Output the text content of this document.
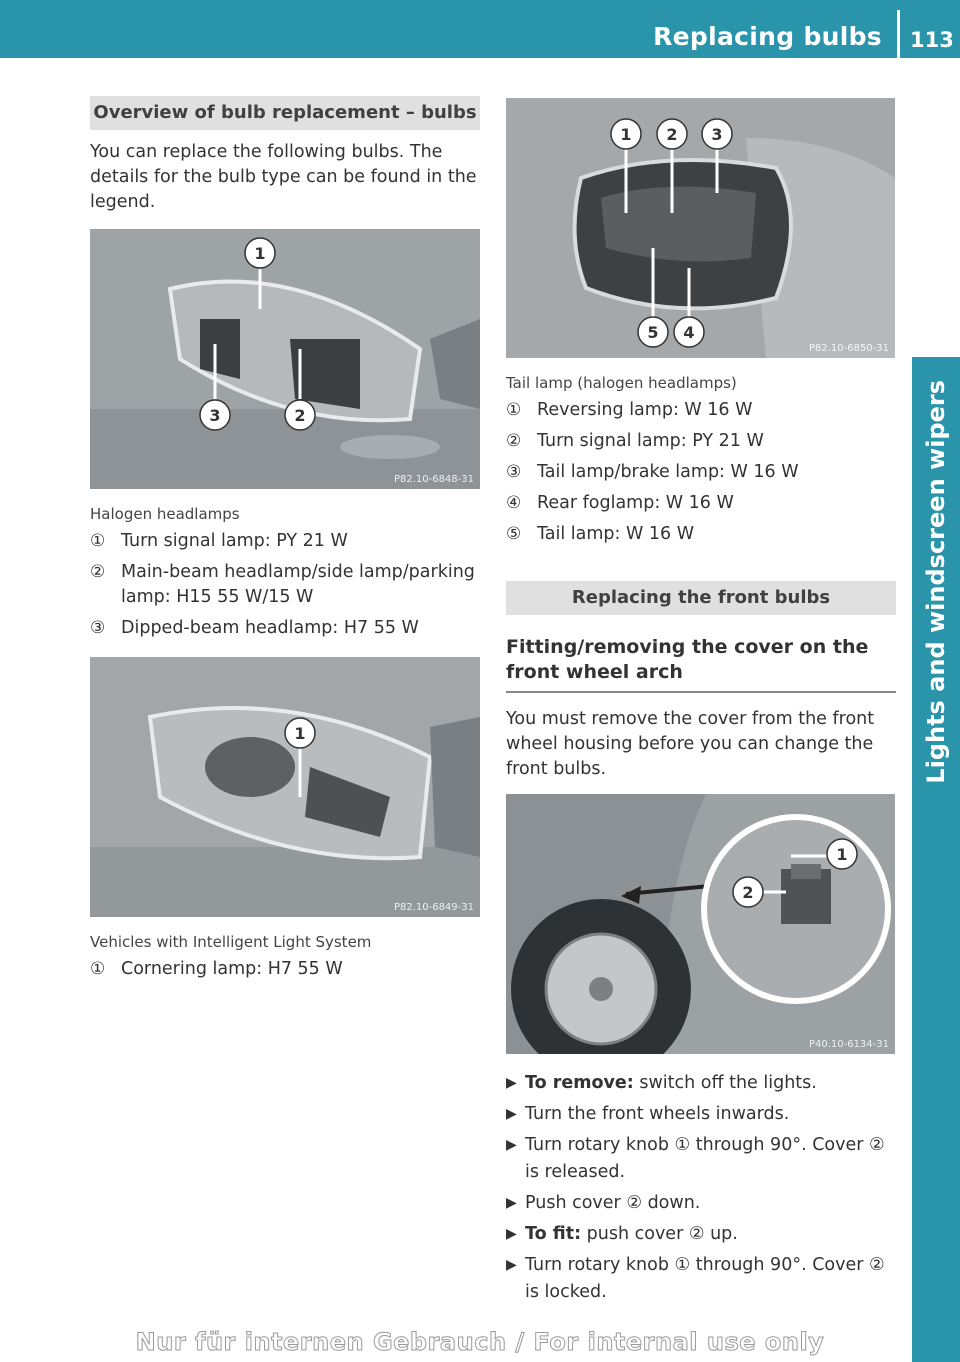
Replacing bulbs 113
Lights and windscreen wipers
Overview of bulb replacement – bulbs

You can replace the following bulbs. The details for the bulb type can be found in the legend.

1
3	2
P82.10-6848-31
Halogen headlamps
① Turn signal lamp: PY 21 W
② Main-beam headlamp/side lamp/parking lamp: H15 55 W/15 W
③ Dipped-beam headlamp: H7 55 W
1
P82.10-6849-31
Vehicles with Intelligent Light System
① Cornering lamp: H7 55 W
1 2 3
5 4
P82.10-6850-31
Tail lamp (halogen headlamps)
① Reversing lamp: W 16 W
② Turn signal lamp: PY 21 W
③ Tail lamp/brake lamp: W 16 W
④ Rear foglamp: W 16 W
⑤ Tail lamp: W 16 W
Replacing the front bulbs
Fitting/removing the cover on the front wheel arch

You must remove the cover from the front wheel housing before you can change the front bulbs.

1
2
P40.10-6134-31
▶ To remove: switch off the lights.
▶ Turn the front wheels inwards.
▶ Turn rotary knob ① through 90°. Cover ② is released.
▶ Push cover ② down.
▶ To fit: push cover ② up.
▶ Turn rotary knob ① through 90°. Cover ② is locked.
Nur für internen Gebrauch / For internal use only
